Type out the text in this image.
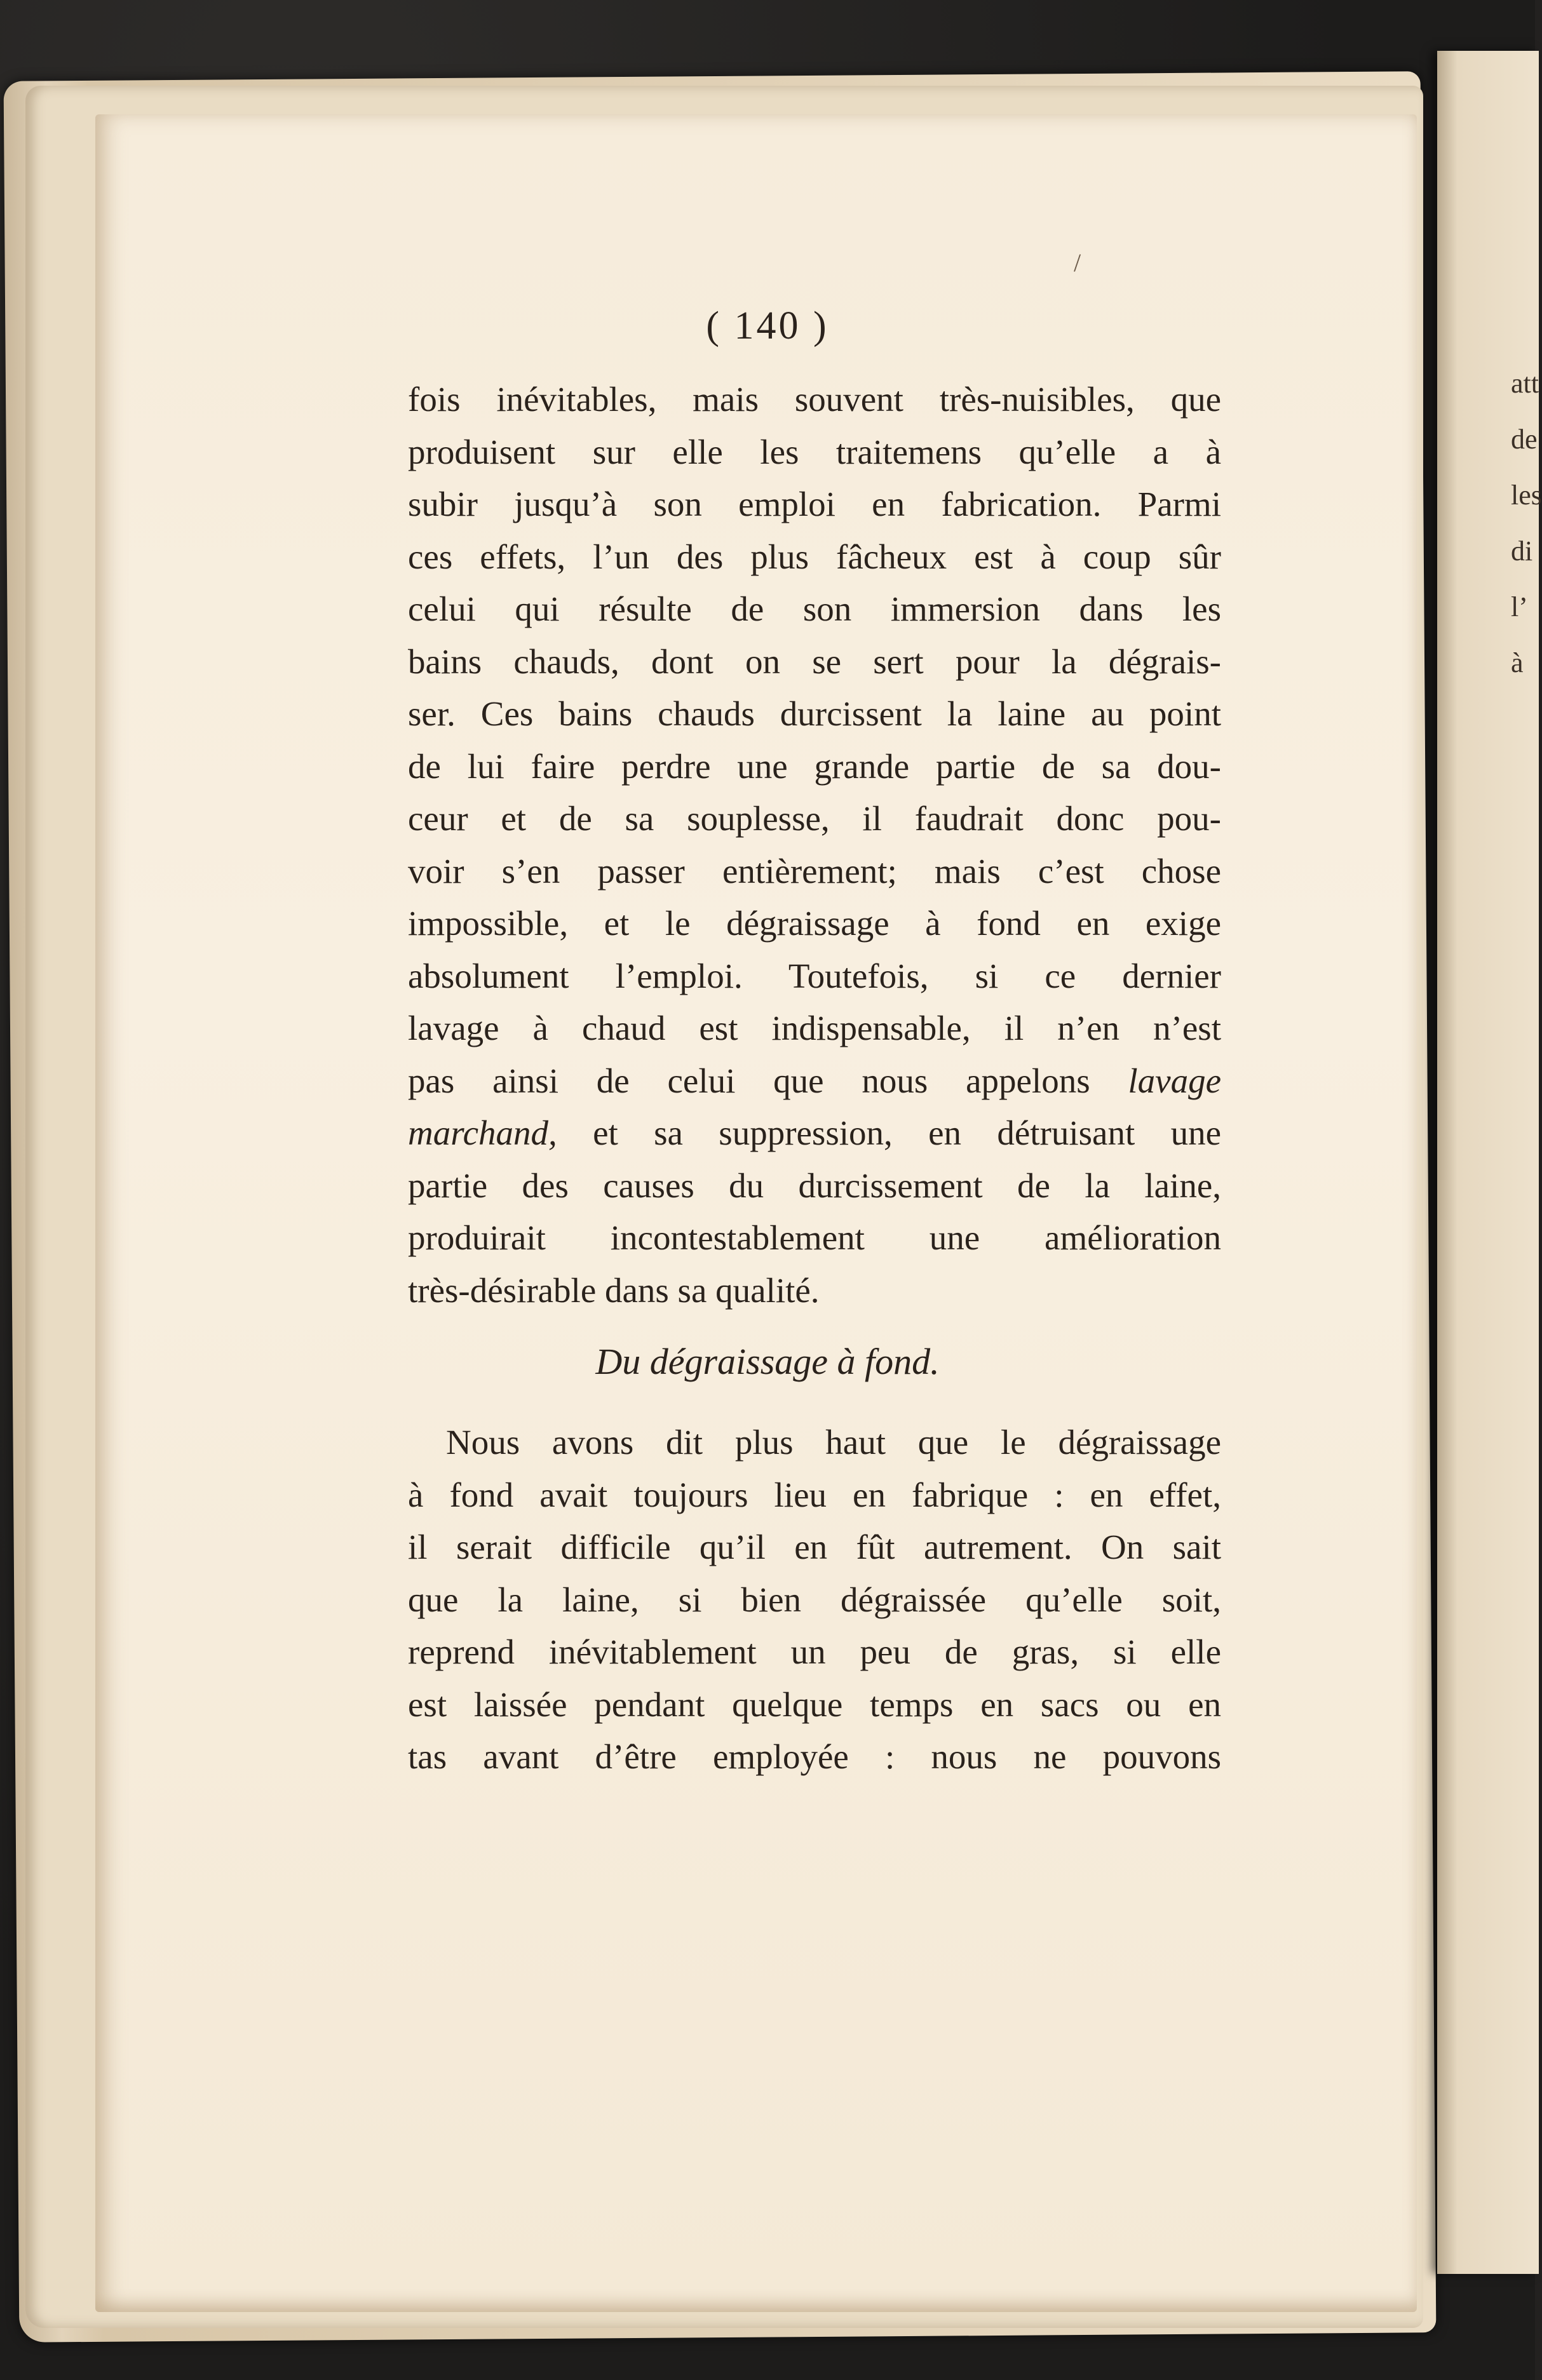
att
de
les
di
l’
à
/
( 140 )
fois inévitables, mais souvent très-nuisibles, que
produisent sur elle les traitemens qu’elle a à
subir jusqu’à son emploi en fabrication. Parmi
ces effets, l’un des plus fâcheux est à coup sûr
celui qui résulte de son immersion dans les
bains chauds, dont on se sert pour la dégrais-
ser. Ces bains chauds durcissent la laine au point
de lui faire perdre une grande partie de sa dou-
ceur et de sa souplesse, il faudrait donc pou-
voir s’en passer entièrement; mais c’est chose
impossible, et le dégraissage à fond en exige
absolument l’emploi. Toutefois, si ce dernier
lavage à chaud est indispensable, il n’en n’est
pas ainsi de celui que nous appelons lavage
marchand, et sa suppression, en détruisant une
partie des causes du durcissement de la laine,
produirait incontestablement une amélioration
très-désirable dans sa qualité.
Du dégraissage à fond.
Nous avons dit plus haut que le dégraissage
à fond avait toujours lieu en fabrique : en effet,
il serait difficile qu’il en fût autrement. On sait
que la laine, si bien dégraissée qu’elle soit,
reprend inévitablement un peu de gras, si elle
est laissée pendant quelque temps en sacs ou en
tas avant d’être employée : nous ne pouvons
